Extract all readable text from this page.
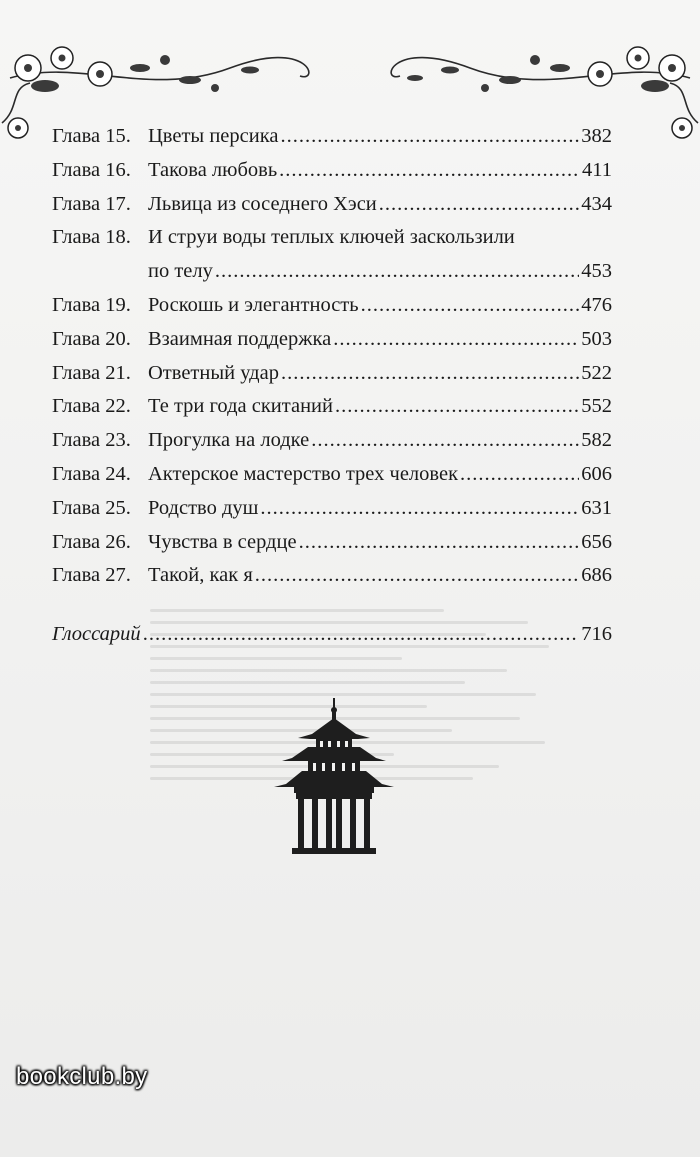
Глава 15. Цветы персика .....	382
Глава 16. Такова любовь .....	411
Глава 17. Львица из соседнего Хэси .....	434
Глава 18. И струи воды теплых ключей заскользили
по телу .....	453
Глава 19. Роскошь и элегантность .....	476
Глава 20. Взаимная поддержка .....	503
Глава 21. Ответный удар .....	522
Глава 22. Те три года скитаний .....	552
Глава 23. Прогулка на лодке .....	582
Глава 24. Актерское мастерство трех человек .....	606
Глава 25. Родство душ .....	631
Глава 26. Чувства в сердце .....	656
Глава 27. Такой, как я .....	686
Глоссарий .....	716
bookclub.by
